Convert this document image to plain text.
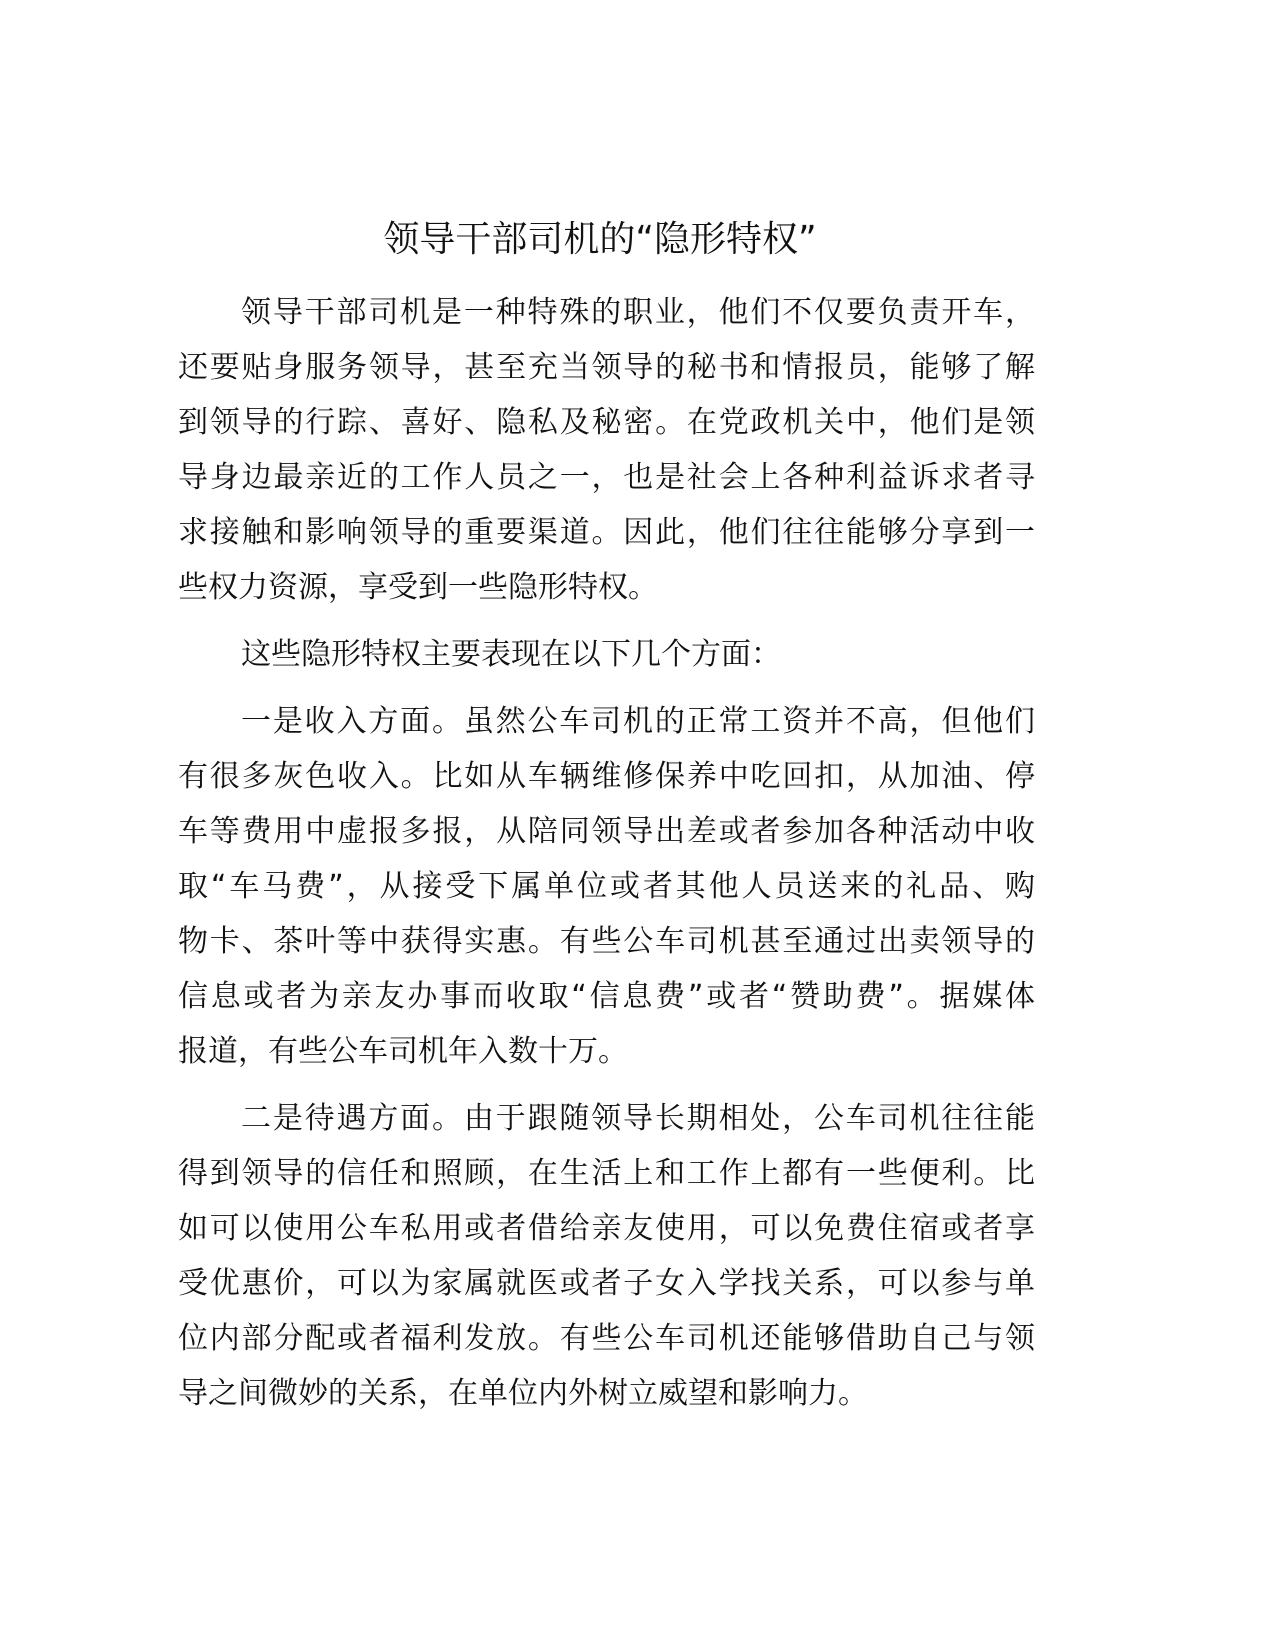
领导干部司机的“隐形特权”
领导干部司机是一种特殊的职业，他们不仅要负责开车，
还要贴身服务领导，甚至充当领导的秘书和情报员，能够了解
到领导的行踪、喜好、隐私及秘密。在党政机关中，他们是领
导身边最亲近的工作人员之一，也是社会上各种利益诉求者寻
求接触和影响领导的重要渠道。因此，他们往往能够分享到一
些权力资源，享受到一些隐形特权。
这些隐形特权主要表现在以下几个方面：
一是收入方面。虽然公车司机的正常工资并不高，但他们
有很多灰色收入。比如从车辆维修保养中吃回扣，从加油、停
车等费用中虚报多报，从陪同领导出差或者参加各种活动中收
取“车马费”，从接受下属单位或者其他人员送来的礼品、购
物卡、茶叶等中获得实惠。有些公车司机甚至通过出卖领导的
信息或者为亲友办事而收取“信息费”或者“赞助费”。据媒体
报道，有些公车司机年入数十万。
二是待遇方面。由于跟随领导长期相处，公车司机往往能
得到领导的信任和照顾，在生活上和工作上都有一些便利。比
如可以使用公车私用或者借给亲友使用，可以免费住宿或者享
受优惠价，可以为家属就医或者子女入学找关系，可以参与单
位内部分配或者福利发放。有些公车司机还能够借助自己与领
导之间微妙的关系，在单位内外树立威望和影响力。
